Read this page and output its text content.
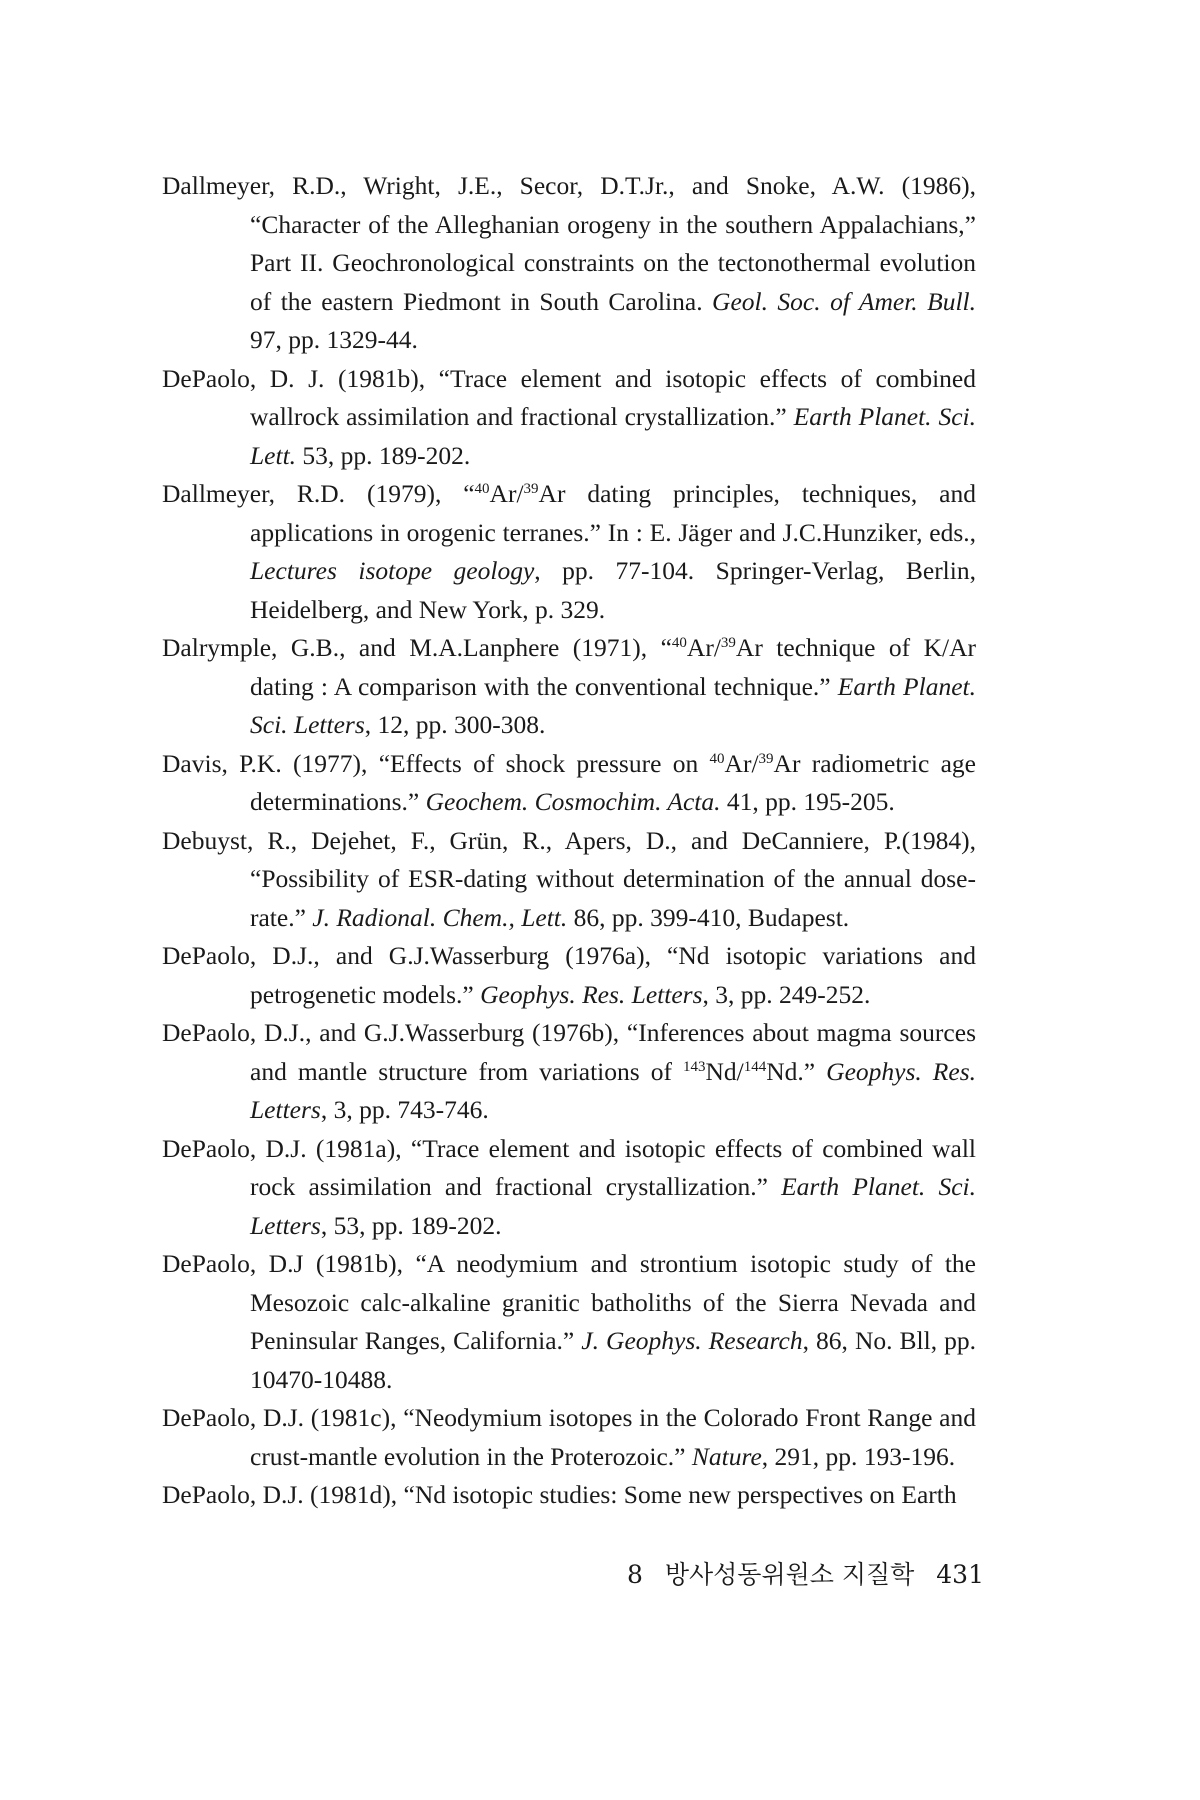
Dallmeyer, R.D., Wright, J.E., Secor, D.T.Jr., and Snoke, A.W. (1986), “Character of the Alleghanian orogeny in the southern Appalachians,” Part II. Geochronological constraints on the tectonothermal evolution of the eastern Piedmont in South Carolina. Geol. Soc. of Amer. Bull. 97, pp. 1329-44.

DePaolo, D. J. (1981b), “Trace element and isotopic effects of combined wallrock assimilation and fractional crystallization.” Earth Planet. Sci. Lett. 53, pp. 189-202.

Dallmeyer, R.D. (1979), “$^{40}$Ar/$^{39}$Ar dating principles, techniques, and applications in orogenic terranes.” In : E. Jäger and J.C.Hunziker, eds., Lectures isotope geology, pp. 77-104. Springer-Verlag, Berlin, Heidelberg, and New York, p. 329.

Dalrymple, G.B., and M.A.Lanphere (1971), “$^{40}$Ar/$^{39}$Ar technique of K/Ar dating : A comparison with the conventional technique.” Earth Planet. Sci. Letters, 12, pp. 300-308.

Davis, P.K. (1977), “Effects of shock pressure on $^{40}$Ar/$^{39}$Ar radiometric age determinations.” Geochem. Cosmochim. Acta. 41, pp. 195-205.

Debuyst, R., Dejehet, F., Grün, R., Apers, D., and DeCanniere, P.(1984), “Possibility of ESR-dating without determination of the annual dose-rate.” J. Radional. Chem., Lett. 86, pp. 399-410, Budapest.

DePaolo, D.J., and G.J.Wasserburg (1976a), “Nd isotopic variations and petrogenetic models.” Geophys. Res. Letters, 3, pp. 249-252.

DePaolo, D.J., and G.J.Wasserburg (1976b), “Inferences about magma sources and mantle structure from variations of $^{143}$Nd/$^{144}$Nd.” Geophys. Res. Letters, 3, pp. 743-746.

DePaolo, D.J. (1981a), “Trace element and isotopic effects of combined wall rock assimilation and fractional crystallization.” Earth Planet. Sci. Letters, 53, pp. 189-202.

DePaolo, D.J (1981b), “A neodymium and strontium isotopic study of the Mesozoic calc-alkaline granitic batholiths of the Sierra Nevada and Peninsular Ranges, California.” J. Geophys. Research, 86, No. Bll, pp. 10470-10488.

DePaolo, D.J. (1981c), “Neodymium isotopes in the Colorado Front Range and crust-mantle evolution in the Proterozoic.” Nature, 291, pp. 193-196.

DePaolo, D.J. (1981d), “Nd isotopic studies: Some new perspectives on Earth

8 방사성동위원소 지질학 431
